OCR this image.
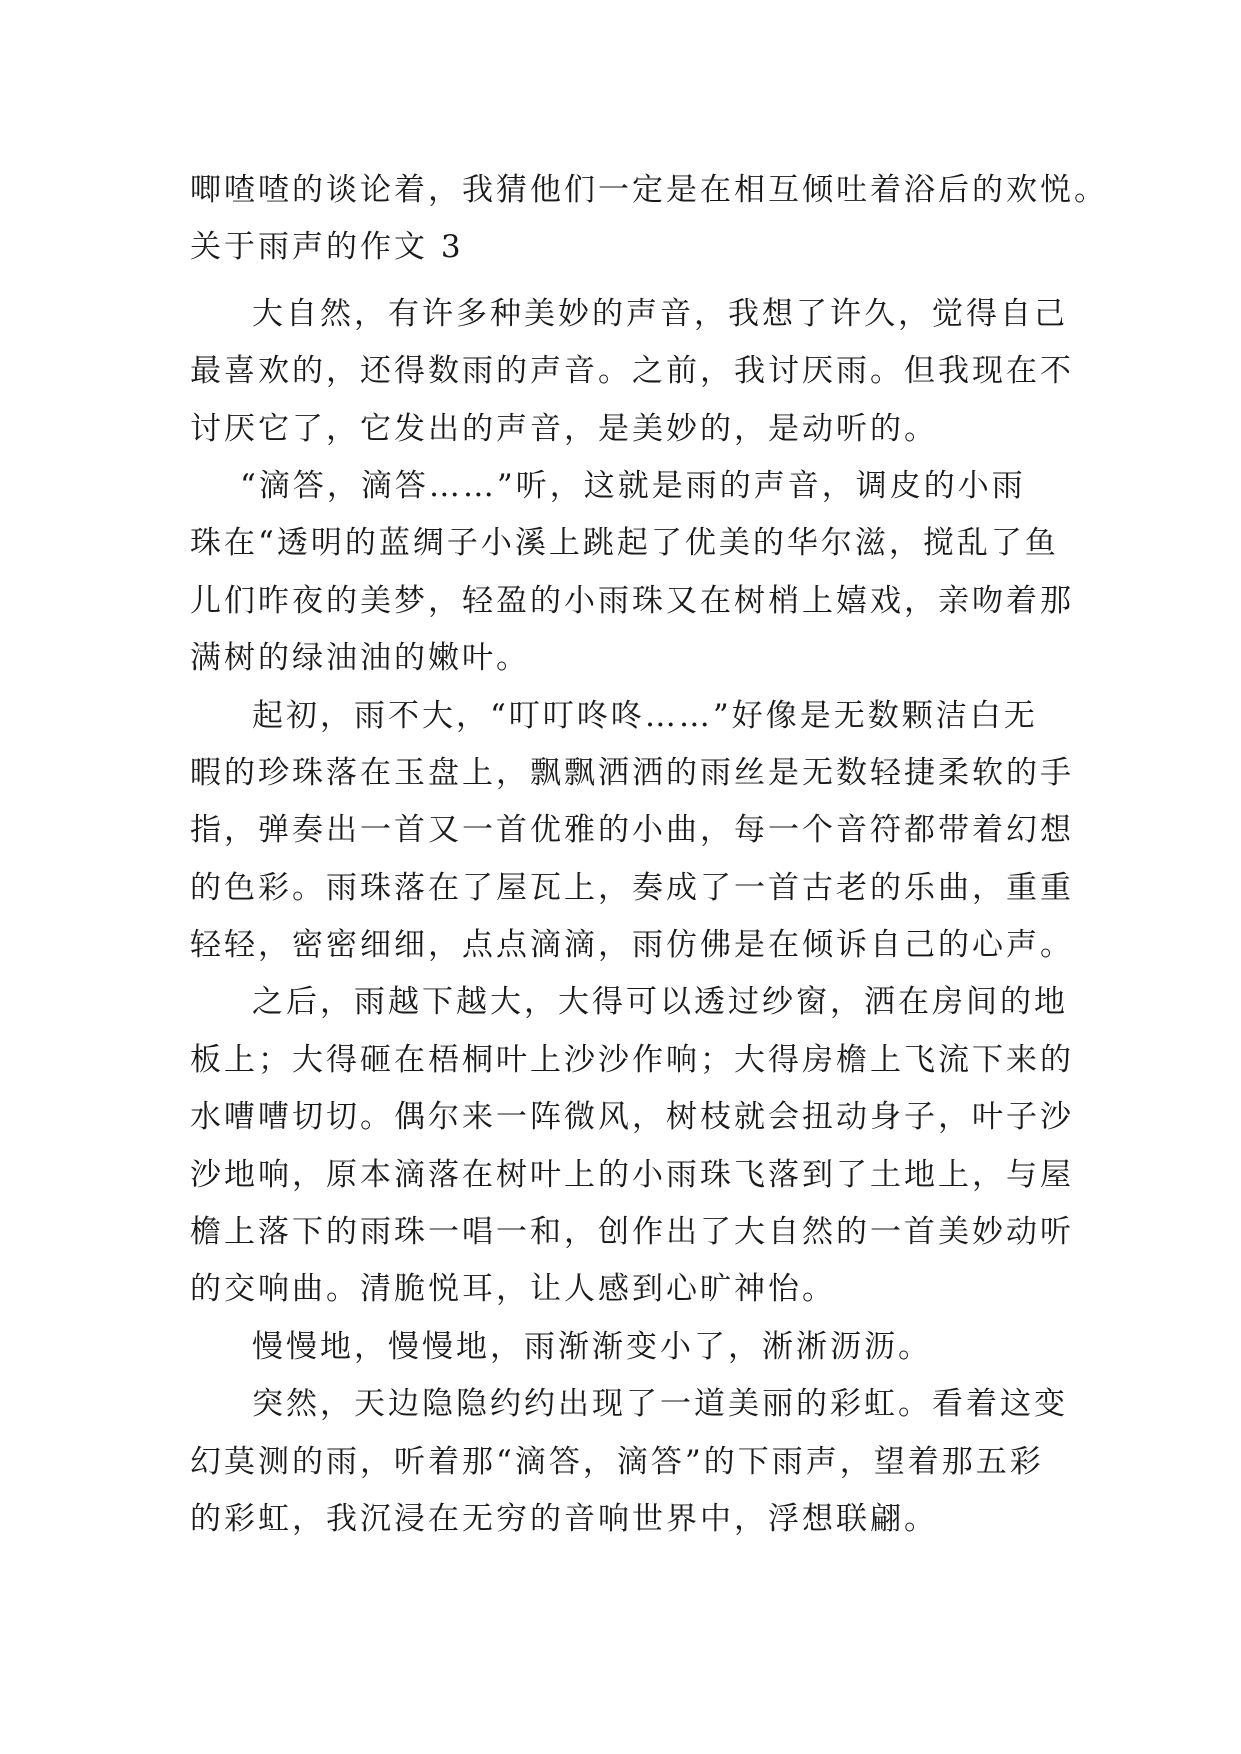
唧喳喳的谈论着，我猜他们一定是在相互倾吐着浴后的欢悦。
关于雨声的作文 3
大自然，有许多种美妙的声音，我想了许久，觉得自己
最喜欢的，还得数雨的声音。之前，我讨厌雨。但我现在不
讨厌它了，它发出的声音，是美妙的，是动听的。
“滴答，滴答……”听，这就是雨的声音，调皮的小雨
珠在“透明的蓝绸子小溪上跳起了优美的华尔滋，搅乱了鱼
儿们昨夜的美梦，轻盈的小雨珠又在树梢上嬉戏，亲吻着那
满树的绿油油的嫩叶。
起初，雨不大，“叮叮咚咚……”好像是无数颗洁白无
暇的珍珠落在玉盘上，飘飘洒洒的雨丝是无数轻捷柔软的手
指，弹奏出一首又一首优雅的小曲，每一个音符都带着幻想
的色彩。雨珠落在了屋瓦上，奏成了一首古老的乐曲，重重
轻轻，密密细细，点点滴滴，雨仿佛是在倾诉自己的心声。
之后，雨越下越大，大得可以透过纱窗，洒在房间的地
板上；大得砸在梧桐叶上沙沙作响；大得房檐上飞流下来的
水嘈嘈切切。偶尔来一阵微风，树枝就会扭动身子，叶子沙
沙地响，原本滴落在树叶上的小雨珠飞落到了土地上，与屋
檐上落下的雨珠一唱一和，创作出了大自然的一首美妙动听
的交响曲。清脆悦耳，让人感到心旷神怡。
慢慢地，慢慢地，雨渐渐变小了，淅淅沥沥。
突然，天边隐隐约约出现了一道美丽的彩虹。看着这变
幻莫测的雨，听着那“滴答，滴答”的下雨声，望着那五彩
的彩虹，我沉浸在无穷的音响世界中，浮想联翩。
